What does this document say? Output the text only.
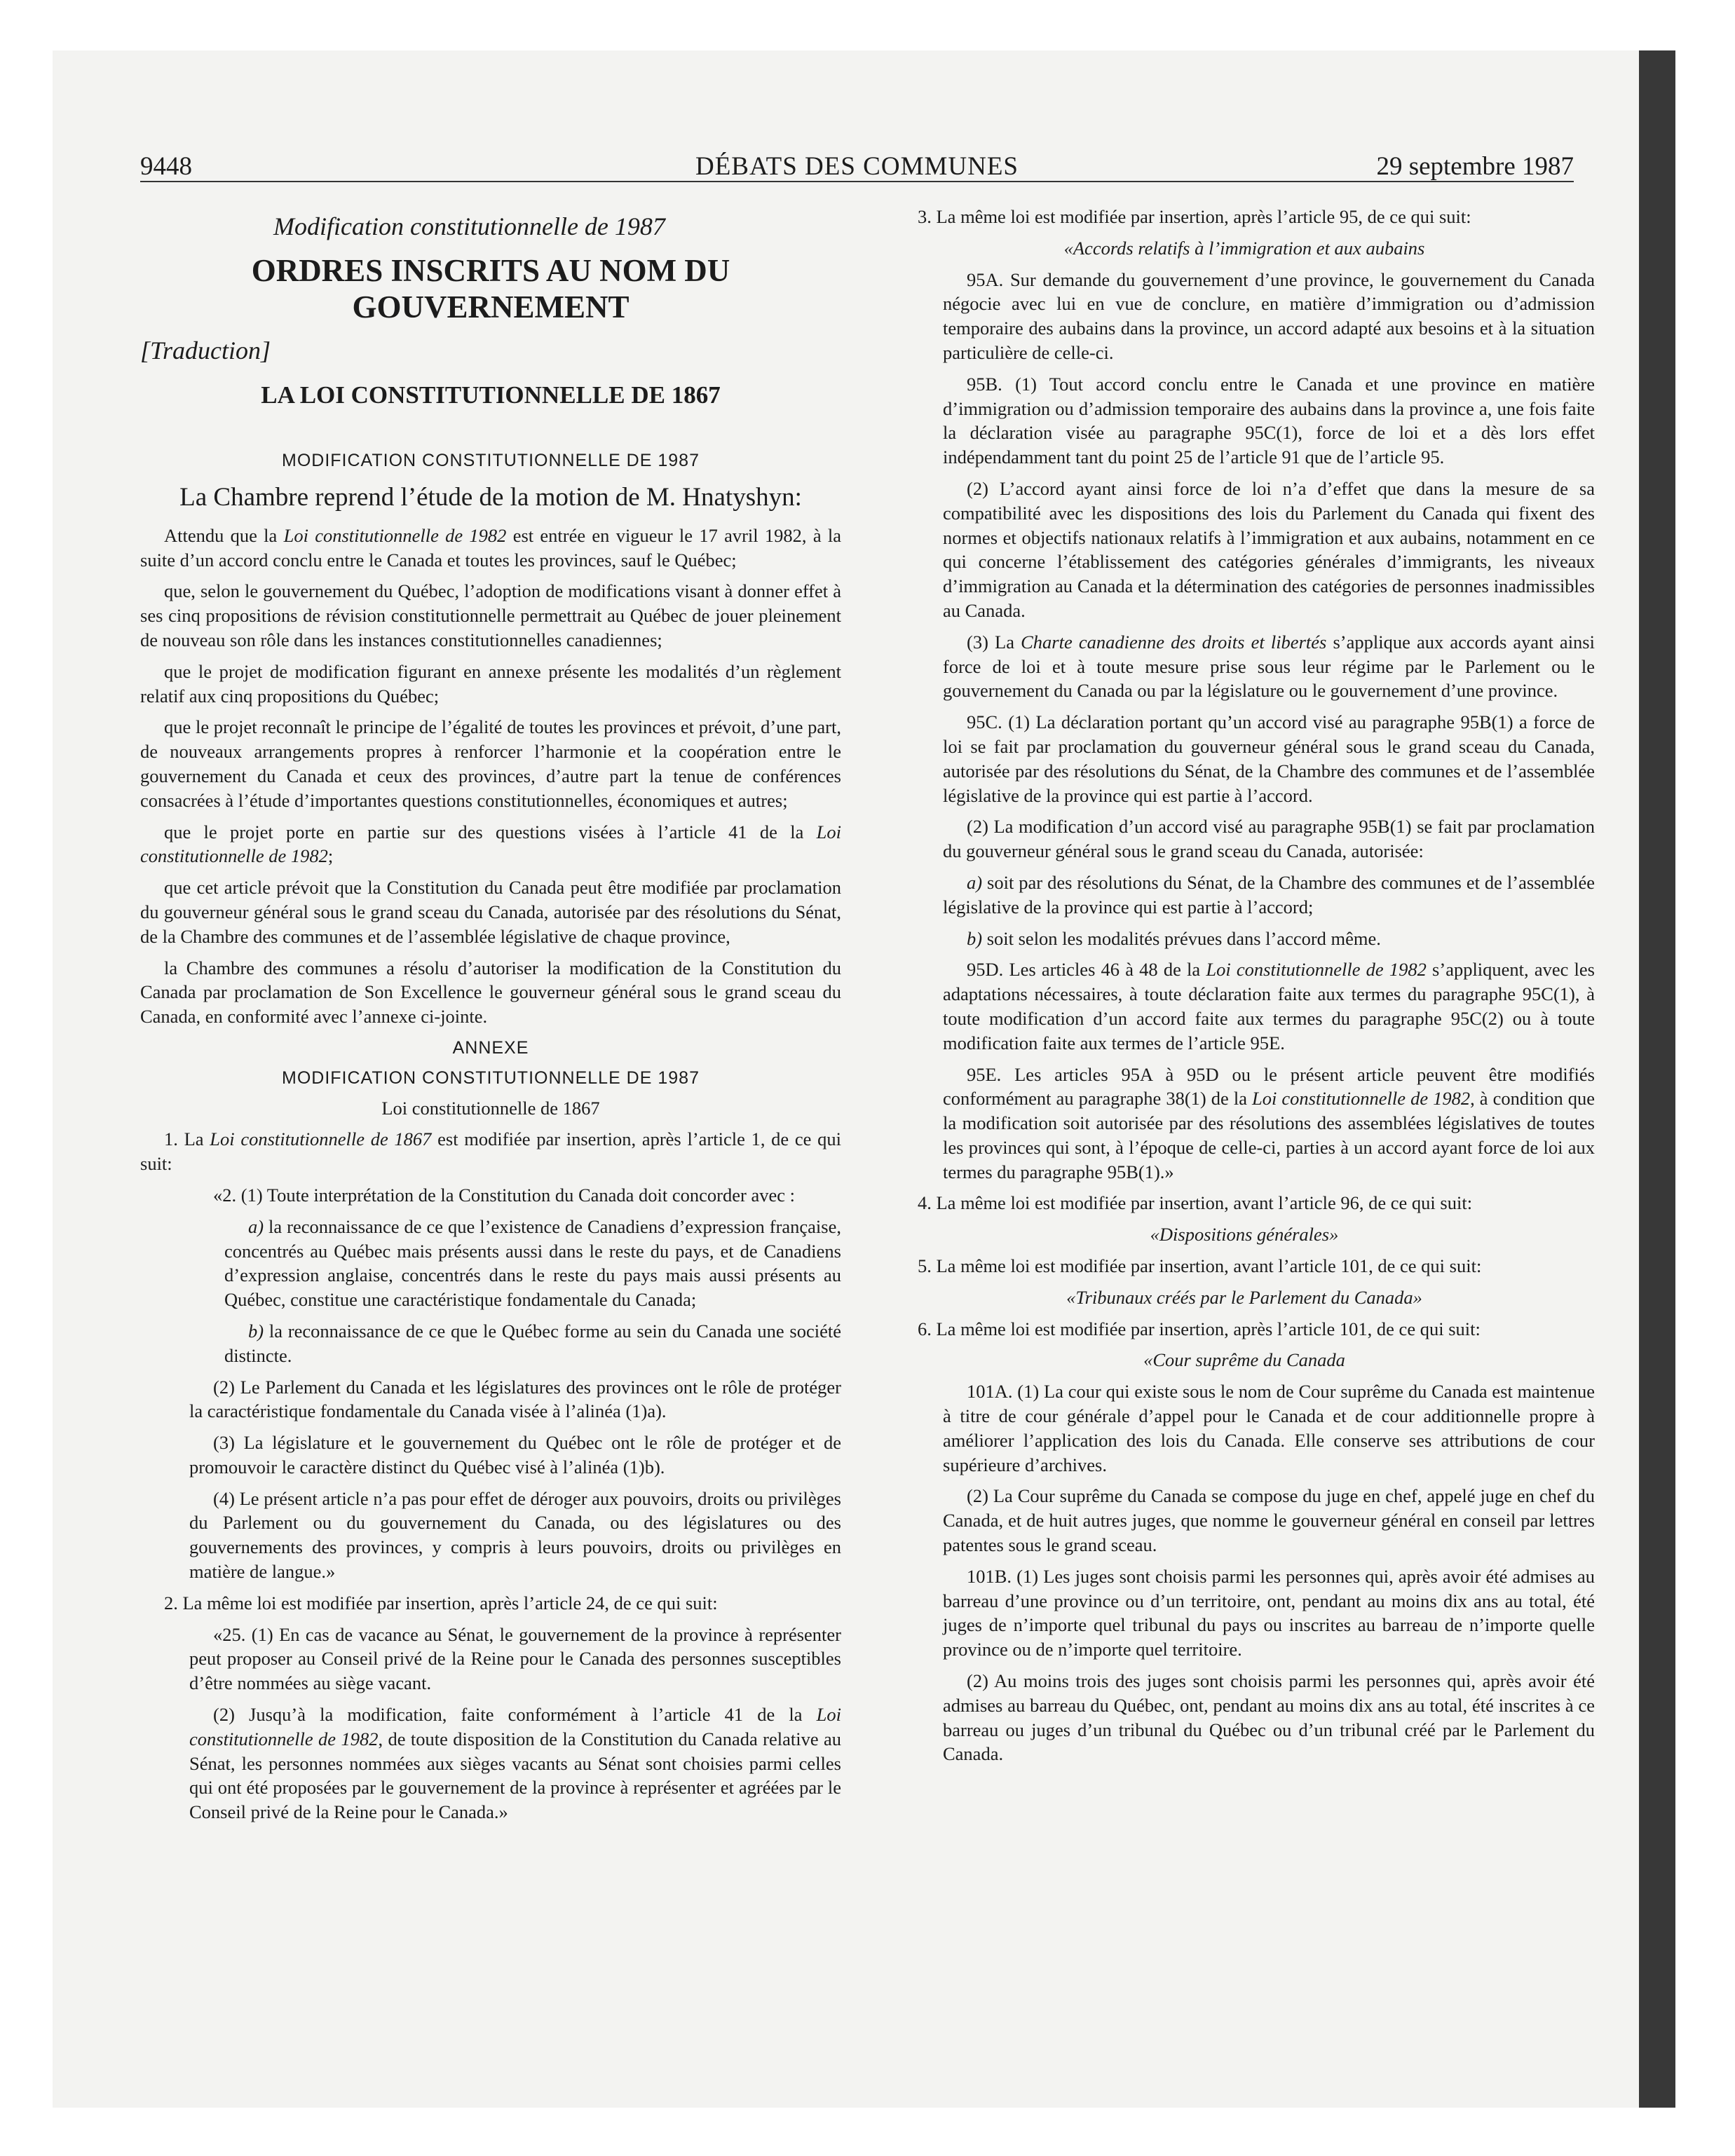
9448	DÉBATS DES COMMUNES	29 septembre 1987
Modification constitutionnelle de 1987
ORDRES INSCRITS AU NOM DU GOUVERNEMENT
[Traduction]
LA LOI CONSTITUTIONNELLE DE 1867
MODIFICATION CONSTITUTIONNELLE DE 1987
La Chambre reprend l’étude de la motion de M. Hnatyshyn:

Attendu que la Loi constitutionnelle de 1982 est entrée en vigueur le 17 avril 1982, à la suite d’un accord conclu entre le Canada et toutes les provinces, sauf le Québec;

que, selon le gouvernement du Québec, l’adoption de modifications visant à donner effet à ses cinq propositions de révision constitutionnelle permettrait au Québec de jouer pleinement de nouveau son rôle dans les instances constitutionnelles canadiennes;

que le projet de modification figurant en annexe présente les modalités d’un règlement relatif aux cinq propositions du Québec;

que le projet reconnaît le principe de l’égalité de toutes les provinces et prévoit, d’une part, de nouveaux arrangements propres à renforcer l’harmonie et la coopération entre le gouvernement du Canada et ceux des provinces, d’autre part la tenue de conférences consacrées à l’étude d’importantes questions constitutionnelles, économiques et autres;

que le projet porte en partie sur des questions visées à l’article 41 de la Loi constitutionnelle de 1982;

que cet article prévoit que la Constitution du Canada peut être modifiée par proclamation du gouverneur général sous le grand sceau du Canada, autorisée par des résolutions du Sénat, de la Chambre des communes et de l’assemblée législative de chaque province,

la Chambre des communes a résolu d’autoriser la modification de la Constitution du Canada par proclamation de Son Excellence le gouverneur général sous le grand sceau du Canada, en conformité avec l’annexe ci-jointe.

ANNEXE
MODIFICATION CONSTITUTIONNELLE DE 1987
Loi constitutionnelle de 1867

1. La Loi constitutionnelle de 1867 est modifiée par insertion, après l’article 1, de ce qui suit:

«2. (1) Toute interprétation de la Constitution du Canada doit concorder avec :

a) la reconnaissance de ce que l’existence de Canadiens d’expression française, concentrés au Québec mais présents aussi dans le reste du pays, et de Canadiens d’expression anglaise, concentrés dans le reste du pays mais aussi présents au Québec, constitue une caractéristique fondamentale du Canada;

b) la reconnaissance de ce que le Québec forme au sein du Canada une société distincte.

(2) Le Parlement du Canada et les législatures des provinces ont le rôle de protéger la caractéristique fondamentale du Canada visée à l’alinéa (1)a).

(3) La législature et le gouvernement du Québec ont le rôle de protéger et de promouvoir le caractère distinct du Québec visé à l’alinéa (1)b).

(4) Le présent article n’a pas pour effet de déroger aux pouvoirs, droits ou privilèges du Parlement ou du gouvernement du Canada, ou des législatures ou des gouvernements des provinces, y compris à leurs pouvoirs, droits ou privilèges en matière de langue.»

2. La même loi est modifiée par insertion, après l’article 24, de ce qui suit:

«25. (1) En cas de vacance au Sénat, le gouvernement de la province à représenter peut proposer au Conseil privé de la Reine pour le Canada des personnes susceptibles d’être nommées au siège vacant.

(2) Jusqu’à la modification, faite conformément à l’article 41 de la Loi constitutionnelle de 1982, de toute disposition de la Constitution du Canada relative au Sénat, les personnes nommées aux sièges vacants au Sénat sont choisies parmi celles qui ont été proposées par le gouvernement de la province à représenter et agréées par le Conseil privé de la Reine pour le Canada.»

3. La même loi est modifiée par insertion, après l’article 95, de ce qui suit:

«Accords relatifs à l’immigration et aux aubains

95A. Sur demande du gouvernement d’une province, le gouvernement du Canada négocie avec lui en vue de conclure, en matière d’immigration ou d’admission temporaire des aubains dans la province, un accord adapté aux besoins et à la situation particulière de celle-ci.

95B. (1) Tout accord conclu entre le Canada et une province en matière d’immigration ou d’admission temporaire des aubains dans la province a, une fois faite la déclaration visée au paragraphe 95C(1), force de loi et a dès lors effet indépendamment tant du point 25 de l’article 91 que de l’article 95.

(2) L’accord ayant ainsi force de loi n’a d’effet que dans la mesure de sa compatibilité avec les dispositions des lois du Parlement du Canada qui fixent des normes et objectifs nationaux relatifs à l’immigration et aux aubains, notamment en ce qui concerne l’établissement des catégories générales d’immigrants, les niveaux d’immigration au Canada et la détermination des catégories de personnes inadmissibles au Canada.

(3) La Charte canadienne des droits et libertés s’applique aux accords ayant ainsi force de loi et à toute mesure prise sous leur régime par le Parlement ou le gouvernement du Canada ou par la législature ou le gouvernement d’une province.

95C. (1) La déclaration portant qu’un accord visé au paragraphe 95B(1) a force de loi se fait par proclamation du gouverneur général sous le grand sceau du Canada, autorisée par des résolutions du Sénat, de la Chambre des communes et de l’assemblée législative de la province qui est partie à l’accord.

(2) La modification d’un accord visé au paragraphe 95B(1) se fait par proclamation du gouverneur général sous le grand sceau du Canada, autorisée:

a) soit par des résolutions du Sénat, de la Chambre des communes et de l’assemblée législative de la province qui est partie à l’accord;

b) soit selon les modalités prévues dans l’accord même.

95D. Les articles 46 à 48 de la Loi constitutionnelle de 1982 s’appliquent, avec les adaptations nécessaires, à toute déclaration faite aux termes du paragraphe 95C(1), à toute modification d’un accord faite aux termes du paragraphe 95C(2) ou à toute modification faite aux termes de l’article 95E.

95E. Les articles 95A à 95D ou le présent article peuvent être modifiés conformément au paragraphe 38(1) de la Loi constitutionnelle de 1982, à condition que la modification soit autorisée par des résolutions des assemblées législatives de toutes les provinces qui sont, à l’époque de celle-ci, parties à un accord ayant force de loi aux termes du paragraphe 95B(1).»

4. La même loi est modifiée par insertion, avant l’article 96, de ce qui suit:

«Dispositions générales»

5. La même loi est modifiée par insertion, avant l’article 101, de ce qui suit:

«Tribunaux créés par le Parlement du Canada»

6. La même loi est modifiée par insertion, après l’article 101, de ce qui suit:

«Cour suprême du Canada

101A. (1) La cour qui existe sous le nom de Cour suprême du Canada est maintenue à titre de cour générale d’appel pour le Canada et de cour additionnelle propre à améliorer l’application des lois du Canada. Elle conserve ses attributions de cour supérieure d’archives.

(2) La Cour suprême du Canada se compose du juge en chef, appelé juge en chef du Canada, et de huit autres juges, que nomme le gouverneur général en conseil par lettres patentes sous le grand sceau.

101B. (1) Les juges sont choisis parmi les personnes qui, après avoir été admises au barreau d’une province ou d’un territoire, ont, pendant au moins dix ans au total, été juges de n’importe quel tribunal du pays ou inscrites au barreau de n’importe quelle province ou de n’importe quel territoire.

(2) Au moins trois des juges sont choisis parmi les personnes qui, après avoir été admises au barreau du Québec, ont, pendant au moins dix ans au total, été inscrites à ce barreau ou juges d’un tribunal du Québec ou d’un tribunal créé par le Parlement du Canada.
